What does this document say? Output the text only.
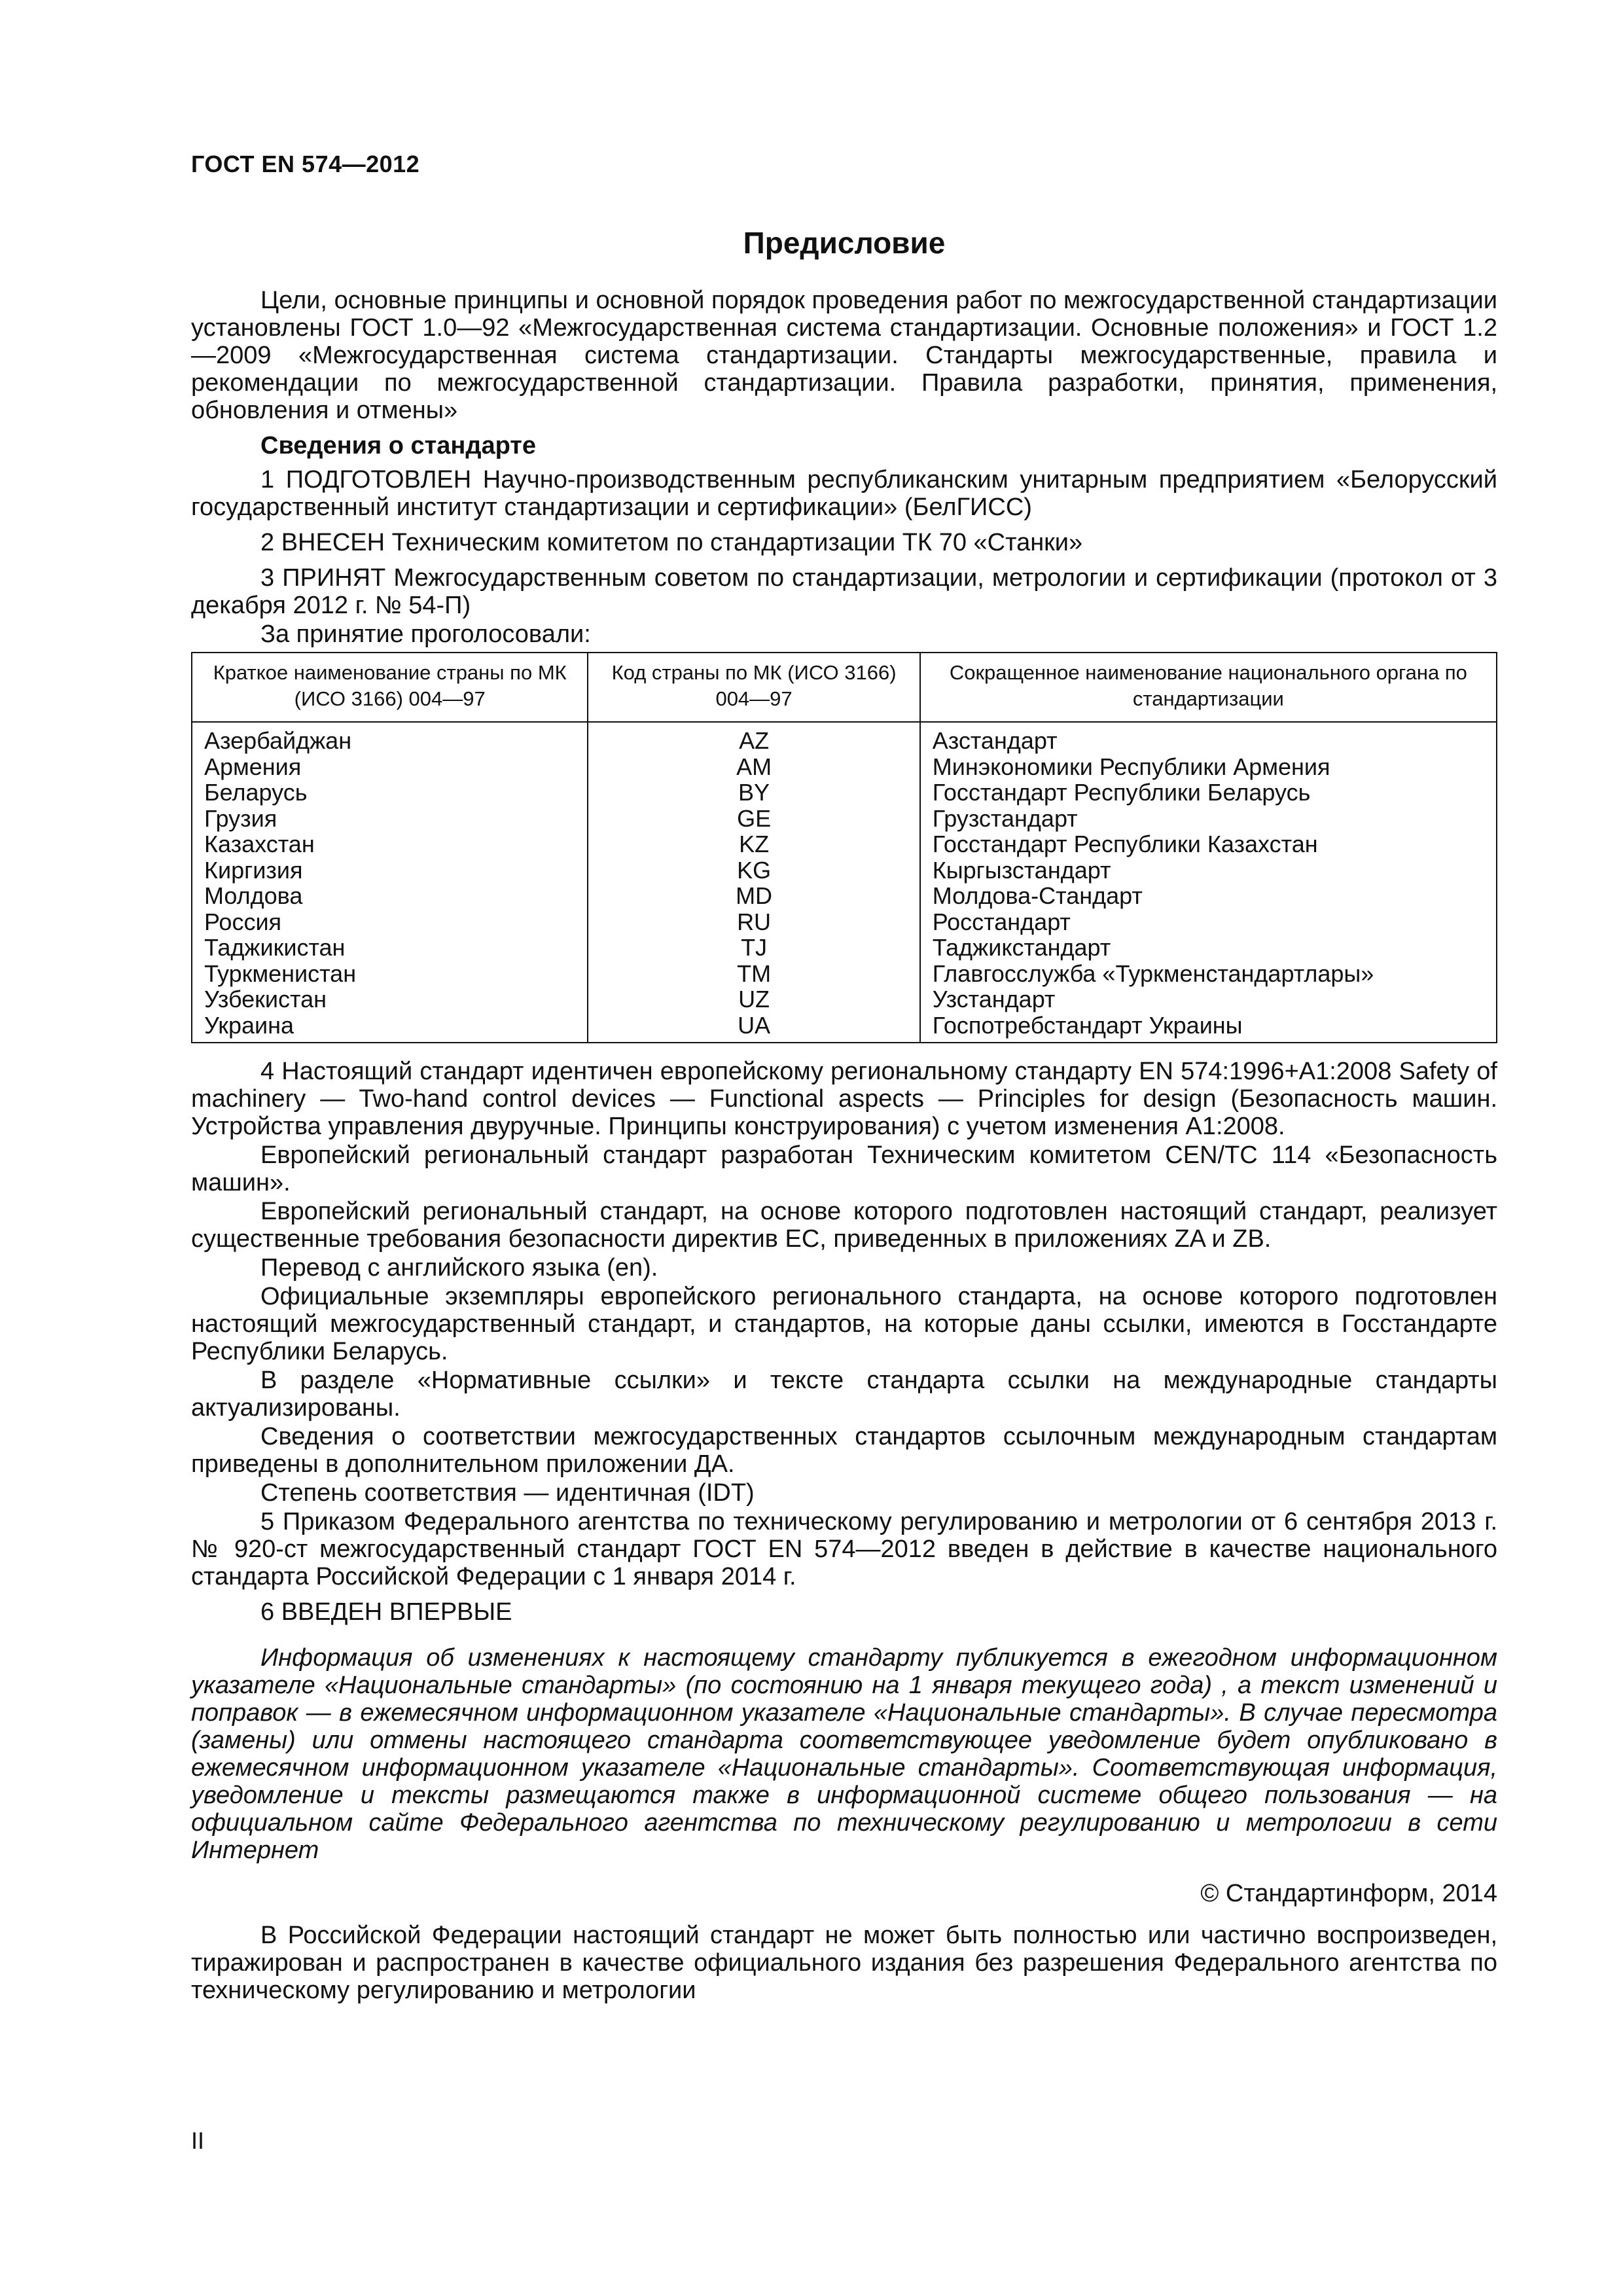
ГОСТ EN 574—2012
Предисловие

Цели, основные принципы и основной порядок проведения работ по межгосударственной стандартизации установлены ГОСТ 1.0—92 «Межгосударственная система стандартизации. Основные положения» и ГОСТ 1.2—2009 «Межгосударственная система стандартизации. Стандарты межгосударственные, правила и рекомендации по межгосударственной стандартизации. Правила разработки, принятия, применения, обновления и отмены»

Сведения о стандарте

1 ПОДГОТОВЛЕН Научно-производственным республиканским унитарным предприятием «Белорусский государственный институт стандартизации и сертификации» (БелГИСС)

2 ВНЕСЕН Техническим комитетом по стандартизации ТК 70 «Станки»

3 ПРИНЯТ Межгосударственным советом по стандартизации, метрологии и сертификации (протокол от 3 декабря 2012 г. № 54-П)

За принятие проголосовали:

Краткое наименование страны по МК (ИСО 3166) 004—97	Код страны по МК (ИСО 3166) 004—97	Сокращенное наименование национального органа по стандартизации
Азербайджан	AZ	Азстандарт
Армения	AM	Минэкономики Республики Армения
Беларусь	BY	Госстандарт Республики Беларусь
Грузия	GE	Грузстандарт
Казахстан	KZ	Госстандарт Республики Казахстан
Киргизия	KG	Кыргызстандарт
Молдова	MD	Молдова-Стандарт
Россия	RU	Росстандарт
Таджикистан	TJ	Таджикстандарт
Туркменистан	TM	Главгосслужба «Туркменстандартлары»
Узбекистан	UZ	Узстандарт
Украина	UA	Госпотребстандарт Украины

4 Настоящий стандарт идентичен европейскому региональному стандарту EN 574:1996+A1:2008 Safety of machinery — Two-hand control devices — Functional aspects — Principles for design (Безопасность машин. Устройства управления двуручные. Принципы конструирования) с учетом изменения A1:2008.

Европейский региональный стандарт разработан Техническим комитетом CEN/TC 114 «Безопасность машин».

Европейский региональный стандарт, на основе которого подготовлен настоящий стандарт, реализует существенные требования безопасности директив ЕС, приведенных в приложениях ZA и ZB.

Перевод с английского языка (en).

Официальные экземпляры европейского регионального стандарта, на основе которого подготовлен настоящий межгосударственный стандарт, и стандартов, на которые даны ссылки, имеются в Госстандарте Республики Беларусь.

В разделе «Нормативные ссылки» и тексте стандарта ссылки на международные стандарты актуализированы.

Сведения о соответствии межгосударственных стандартов ссылочным международным стандартам приведены в дополнительном приложении ДА.

Степень соответствия — идентичная (IDT)

5 Приказом Федерального агентства по техническому регулированию и метрологии от 6 сентября 2013 г. № 920-ст межгосударственный стандарт ГОСТ EN 574—2012 введен в действие в качестве национального стандарта Российской Федерации с 1 января 2014 г.

6 ВВЕДЕН ВПЕРВЫЕ

Информация об изменениях к настоящему стандарту публикуется в ежегодном информационном указателе «Национальные стандарты» (по состоянию на 1 января текущего года) , а текст изменений и поправок — в ежемесячном информационном указателе «Национальные стандарты». В случае пересмотра (замены) или отмены настоящего стандарта соответствующее уведомление будет опубликовано в ежемесячном информационном указателе «Национальные стандарты». Соответствующая информация, уведомление и тексты размещаются также в информационной системе общего пользования — на официальном сайте Федерального агентства по техническому регулированию и метрологии в сети Интернет

© Стандартинформ, 2014

В Российской Федерации настоящий стандарт не может быть полностью или частично воспроизведен, тиражирован и распространен в качестве официального издания без разрешения Федерального агентства по техническому регулированию и метрологии

II
